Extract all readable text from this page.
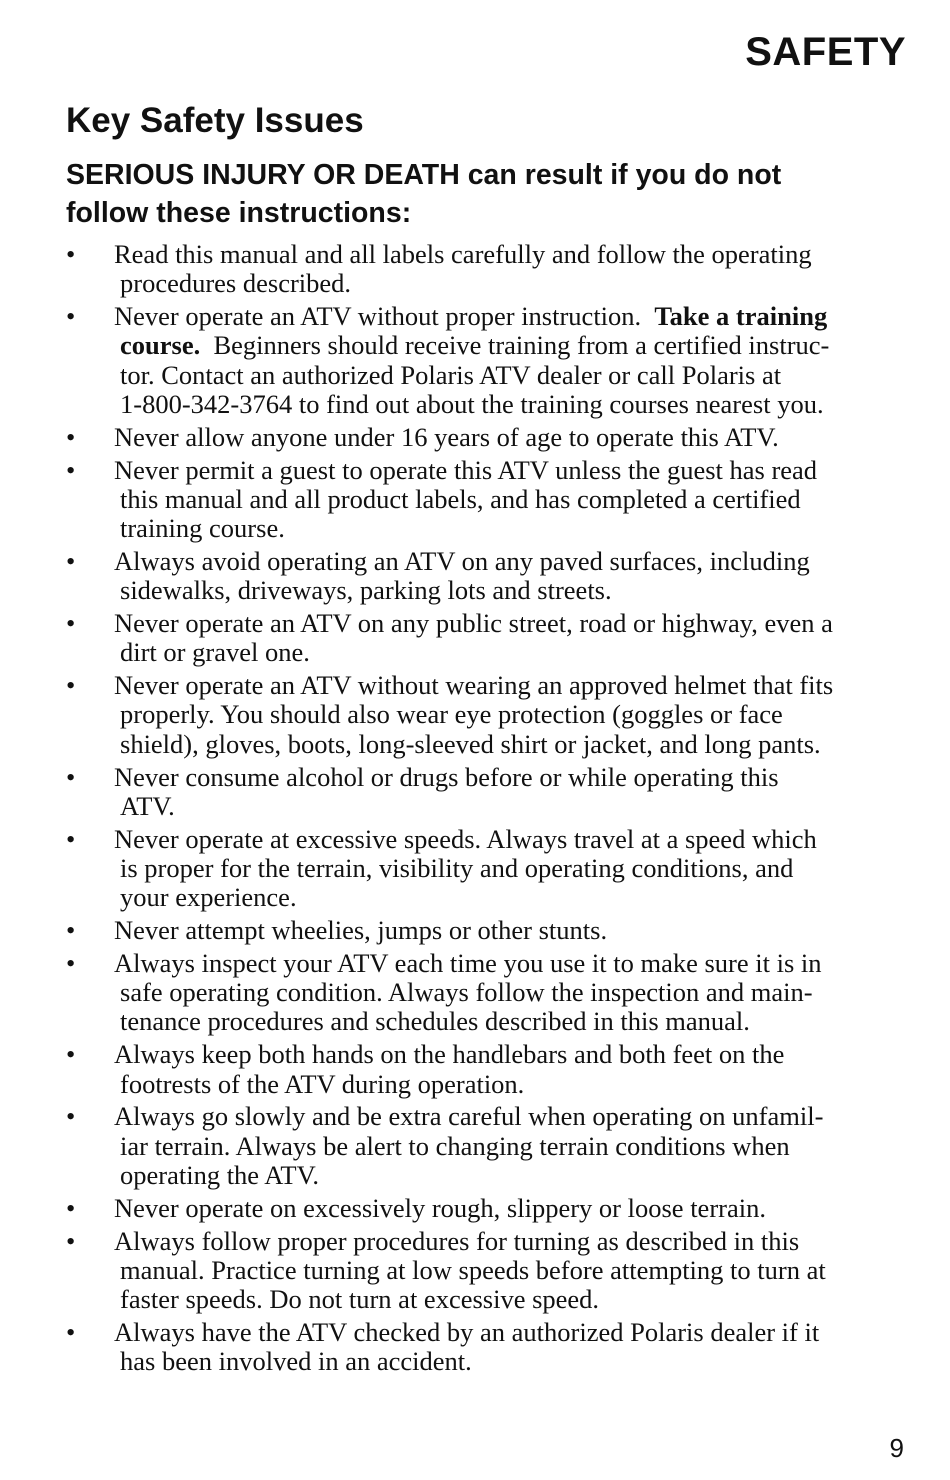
SAFETY
Key Safety Issues
SERIOUS INJURY OR DEATH can result if you do not
follow these instructions:
• Read this manual and all labels carefully and follow the operating
procedures described.
• Never operate an ATV without proper instruction. Take a training
course. Beginners should receive training from a certified instruc-
tor. Contact an authorized Polaris ATV dealer or call Polaris at
1-800-342-3764 to find out about the training courses nearest you.
• Never allow anyone under 16 years of age to operate this ATV.
• Never permit a guest to operate this ATV unless the guest has read
this manual and all product labels, and has completed a certified
training course.
• Always avoid operating an ATV on any paved surfaces, including
sidewalks, driveways, parking lots and streets.
• Never operate an ATV on any public street, road or highway, even a
dirt or gravel one.
• Never operate an ATV without wearing an approved helmet that fits
properly. You should also wear eye protection (goggles or face
shield), gloves, boots, long-sleeved shirt or jacket, and long pants.
• Never consume alcohol or drugs before or while operating this
ATV.
• Never operate at excessive speeds. Always travel at a speed which
is proper for the terrain, visibility and operating conditions, and
your experience.
• Never attempt wheelies, jumps or other stunts.
• Always inspect your ATV each time you use it to make sure it is in
safe operating condition. Always follow the inspection and main-
tenance procedures and schedules described in this manual.
• Always keep both hands on the handlebars and both feet on the
footrests of the ATV during operation.
• Always go slowly and be extra careful when operating on unfamil-
iar terrain. Always be alert to changing terrain conditions when
operating the ATV.
• Never operate on excessively rough, slippery or loose terrain.
• Always follow proper procedures for turning as described in this
manual. Practice turning at low speeds before attempting to turn at
faster speeds. Do not turn at excessive speed.
• Always have the ATV checked by an authorized Polaris dealer if it
has been involved in an accident.
9
